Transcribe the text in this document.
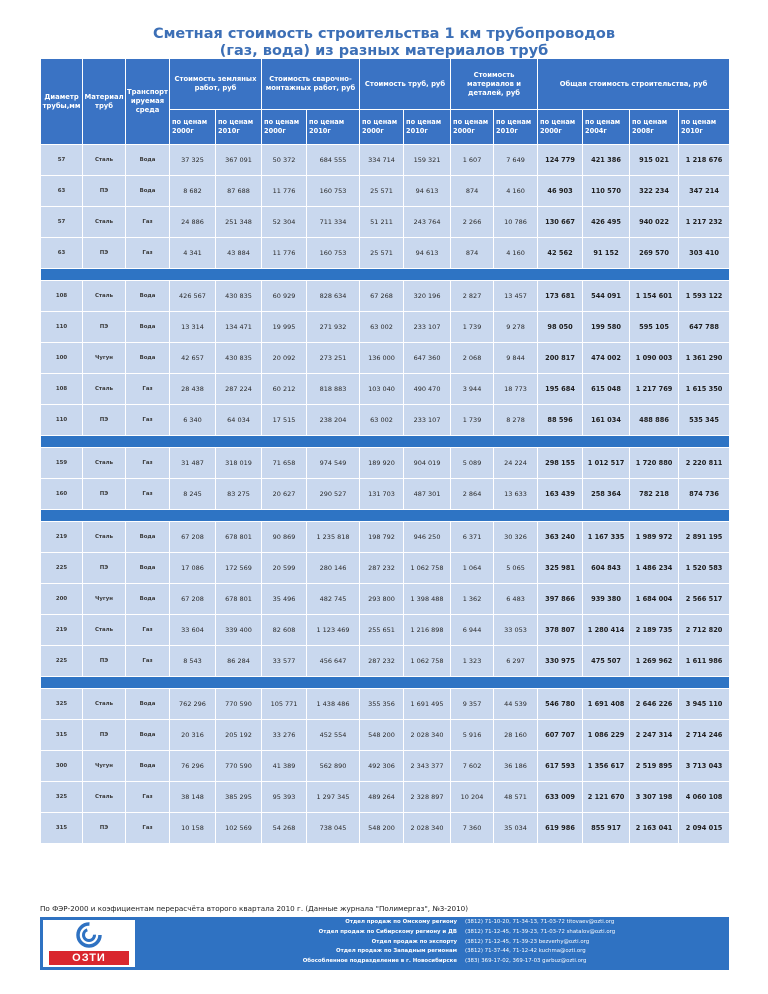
Сметная стоимость строительства 1 км трубопроводов
(газ, вода) из разных материалов труб
Диаметр трубы,мм	Материал труб	Транспорт ируемая среда	Стоимость земляных работ, руб		Стоимость сварочно-монтажных работ, руб		Стоимость труб, руб		Стоимость материалов и деталей, руб		Общая стоимость строительства, руб			
			по ценам 2000г	по ценам 2010г	по ценам 2000г	по ценам 2010г	по ценам 2000г	по ценам 2010г	по ценам 2000г	по ценам 2010г	по ценам 2000г	по ценам 2004г	по ценам 2008г	по ценам 2010г
57	Сталь	Вода	37 325	367 091	50 372	684 555	334 714	159 321	1 607	7 649	124 779	421 386	915 021	1 218 676
63	ПЭ	Вода	8 682	87 688	11 776	160 753	25 571	94 613	874	4 160	46 903	110 570	322 234	347 214
57	Сталь	Газ	24 886	251 348	52 304	711 334	51 211	243 764	2 266	10 786	130 667	426 495	940 022	1 217 232
63	ПЭ	Газ	4 341	43 884	11 776	160 753	25 571	94 613	874	4 160	42 562	91 152	269 570	303 410

108	Сталь	Вода	426 567	430 835	60 929	828 634	67 268	320 196	2 827	13 457	173 681	544 091	1 154 601	1 593 122
110	ПЭ	Вода	13 314	134 471	19 995	271 932	63 002	233 107	1 739	9 278	98 050	199 580	595 105	647 788
100	Чугун	Вода	42 657	430 835	20 092	273 251	136 000	647 360	2 068	9 844	200 817	474 002	1 090 003	1 361 290
108	Сталь	Газ	28 438	287 224	60 212	818 883	103 040	490 470	3 944	18 773	195 684	615 048	1 217 769	1 615 350
110	ПЭ	Газ	6 340	64 034	17 515	238 204	63 002	233 107	1 739	8 278	88 596	161 034	488 886	535 345

159	Сталь	Газ	31 487	318 019	71 658	974 549	189 920	904 019	5 089	24 224	298 155	1 012 517	1 720 880	2 220 811
160	ПЭ	Газ	8 245	83 275	20 627	290 527	131 703	487 301	2 864	13 633	163 439	258 364	782 218	874 736

219	Сталь	Вода	67 208	678 801	90 869	1 235 818	198 792	946 250	6 371	30 326	363 240	1 167 335	1 989 972	2 891 195
225	ПЭ	Вода	17 086	172 569	20 599	280 146	287 232	1 062 758	1 064	5 065	325 981	604 843	1 486 234	1 520 583
200	Чугун	Вода	67 208	678 801	35 496	482 745	293 800	1 398 488	1 362	6 483	397 866	939 380	1 684 004	2 566 517
219	Сталь	Газ	33 604	339 400	82 608	1 123 469	255 651	1 216 898	6 944	33 053	378 807	1 280 414	2 189 735	2 712 820
225	ПЭ	Газ	8 543	86 284	33 577	456 647	287 232	1 062 758	1 323	6 297	330 975	475 507	1 269 962	1 611 986

325	Сталь	Вода	762 296	770 590	105 771	1 438 486	355 356	1 691 495	9 357	44 539	546 780	1 691 408	2 646 226	3 945 110
315	ПЭ	Вода	20 316	205 192	33 276	452 554	548 200	2 028 340	5 916	28 160	607 707	1 086 229	2 247 314	2 714 246
300	Чугун	Вода	76 296	770 590	41 389	562 890	492 306	2 343 377	7 602	36 186	617 593	1 356 617	2 519 895	3 713 043
325	Сталь	Газ	38 148	385 295	95 393	1 297 345	489 264	2 328 897	10 204	48 571	633 009	2 121 670	3 307 198	4 060 108
315	ПЭ	Газ	10 158	102 569	54 268	738 045	548 200	2 028 340	7 360	35 034	619 986	855 917	2 163 041	2 094 015
По ФЭР-2000 и коэфициентам перерасчёта второго квартала 2010 г. (Данные журнала "Полимергаз", №3-2010)
ОЗТИ
Отдел продаж по Омскому региону (3812) 71-10-20, 71-34-13, 71-03-72 titovaev@ozti.org
Отдел продаж по Сибирскому региону и ДВ (3812) 71-12-45, 71-39-23, 71-03-72 shatalov@ozti.org
Отдел продаж по экспорту (3812) 71-12-45, 71-39-23 bezverhy@ozti.org
Отдел продаж по Западным регионам (3812) 71-37-44, 71-12-42 kuchma@ozti.org
Обособленное подразделение в г. Новосибирске (383) 369-17-02, 369-17-03 garbuz@ozti.org
